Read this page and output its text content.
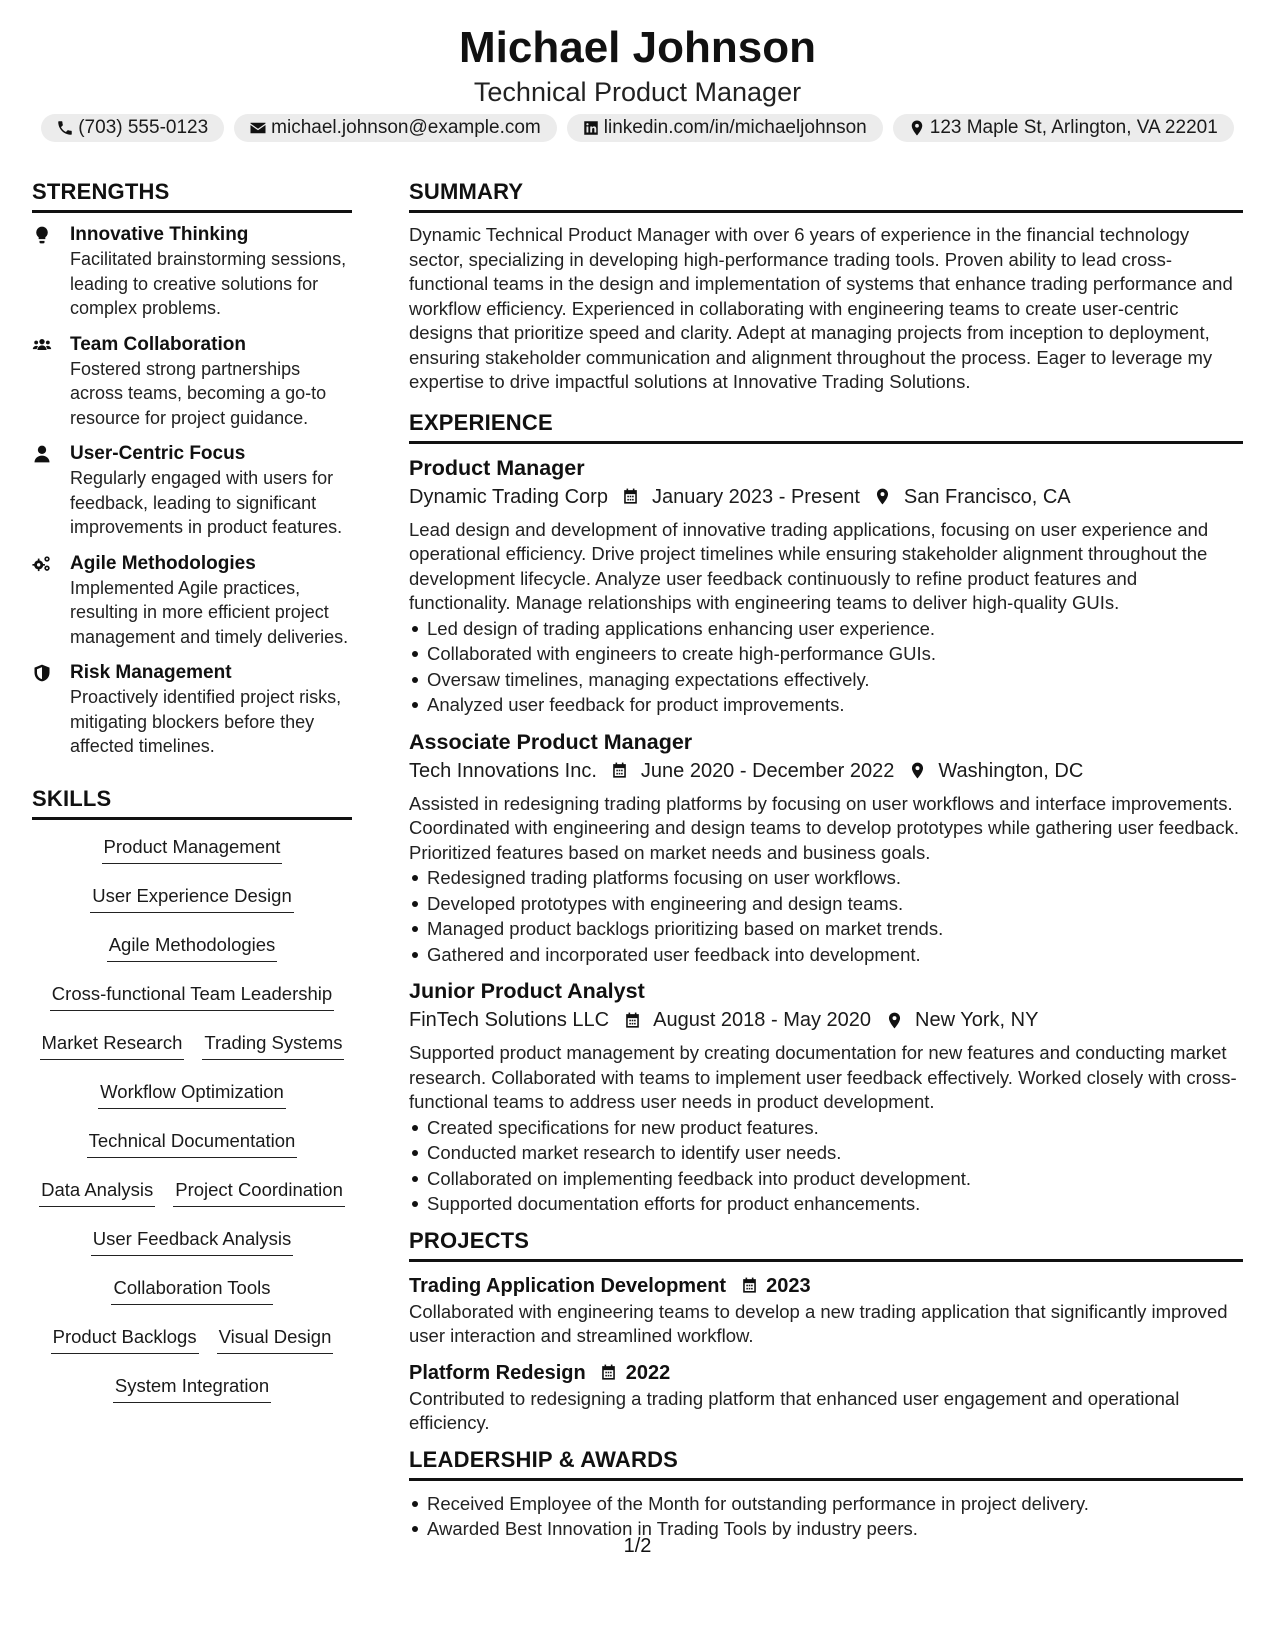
Michael Johnson
Technical Product Manager
(703) 555-0123	michael.johnson@example.com	linkedin.com/in/michaeljohnson	123 Maple St, Arlington, VA 22201
STRENGTHS
Innovative Thinking
Facilitated brainstorming sessions, leading to creative solutions for complex problems.
Team Collaboration
Fostered strong partnerships across teams, becoming a go-to resource for project guidance.
User-Centric Focus
Regularly engaged with users for feedback, leading to significant improvements in product features.
Agile Methodologies
Implemented Agile practices, resulting in more efficient project management and timely deliveries.
Risk Management
Proactively identified project risks, mitigating blockers before they affected timelines.
SKILLS
Product Management
User Experience Design
Agile Methodologies
Cross-functional Team Leadership
Market Research Trading Systems
Workflow Optimization
Technical Documentation
Data Analysis Project Coordination
User Feedback Analysis
Collaboration Tools
Product Backlogs Visual Design
System Integration
SUMMARY
Dynamic Technical Product Manager with over 6 years of experience in the financial technology sector, specializing in developing high-performance trading tools. Proven ability to lead cross-functional teams in the design and implementation of systems that enhance trading performance and workflow efficiency. Experienced in collaborating with engineering teams to create user-centric designs that prioritize speed and clarity. Adept at managing projects from inception to deployment, ensuring stakeholder communication and alignment throughout the process. Eager to leverage my expertise to drive impactful solutions at Innovative Trading Solutions.
EXPERIENCE
Product Manager
Dynamic Trading Corp January 2023 - Present San Francisco, CA
Lead design and development of innovative trading applications, focusing on user experience and operational efficiency. Drive project timelines while ensuring stakeholder alignment throughout the development lifecycle. Analyze user feedback continuously to refine product features and functionality. Manage relationships with engineering teams to deliver high-quality GUIs.
Led design of trading applications enhancing user experience.
Collaborated with engineers to create high-performance GUIs.
Oversaw timelines, managing expectations effectively.
Analyzed user feedback for product improvements.
Associate Product Manager
Tech Innovations Inc. June 2020 - December 2022 Washington, DC
Assisted in redesigning trading platforms by focusing on user workflows and interface improvements. Coordinated with engineering and design teams to develop prototypes while gathering user feedback. Prioritized features based on market needs and business goals.
Redesigned trading platforms focusing on user workflows.
Developed prototypes with engineering and design teams.
Managed product backlogs prioritizing based on market trends.
Gathered and incorporated user feedback into development.
Junior Product Analyst
FinTech Solutions LLC August 2018 - May 2020 New York, NY
Supported product management by creating documentation for new features and conducting market research. Collaborated with teams to implement user feedback effectively. Worked closely with cross-functional teams to address user needs in product development.
Created specifications for new product features.
Conducted market research to identify user needs.
Collaborated on implementing feedback into product development.
Supported documentation efforts for product enhancements.
PROJECTS
Trading Application Development 2023
Collaborated with engineering teams to develop a new trading application that significantly improved user interaction and streamlined workflow.
Platform Redesign 2022
Contributed to redesigning a trading platform that enhanced user engagement and operational efficiency.
LEADERSHIP & AWARDS
Received Employee of the Month for outstanding performance in project delivery.
Awarded Best Innovation in Trading Tools by industry peers.
1/2
